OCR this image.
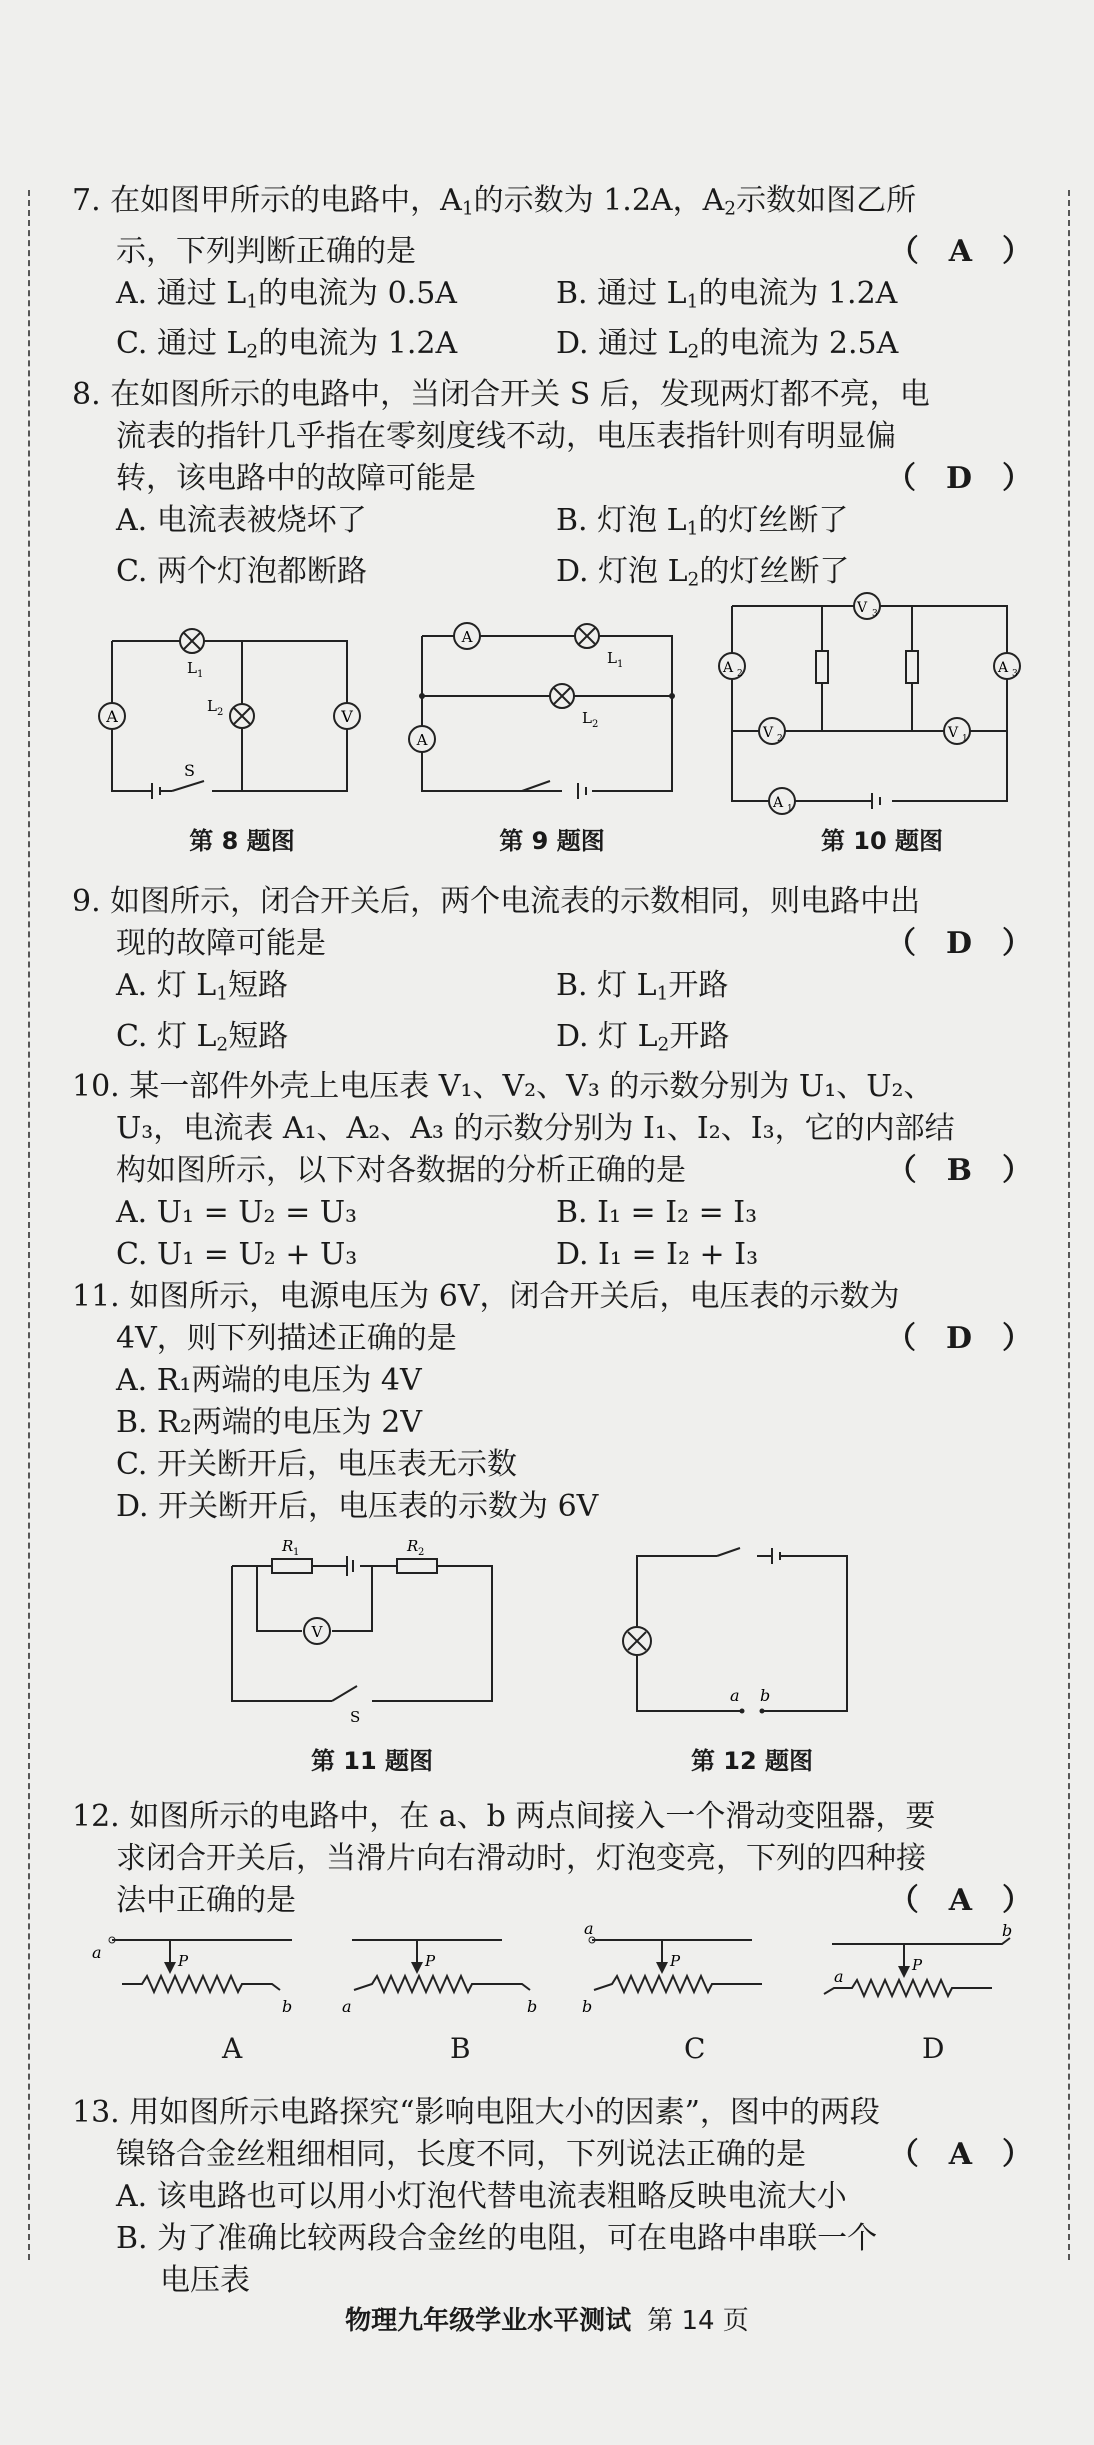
7. 在如图甲所示的电路中，$A_1$的示数为 1.2A，$A_2$示数如图乙所
示，下列判断正确的是	（　A　）
A. 通过 $L_1$的电流为 0.5A	B. 通过 $L_1$的电流为 1.2A
C. 通过 $L_2$的电流为 1.2A	D. 通过 $L_2$的电流为 2.5A
8. 在如图所示的电路中，当闭合开关 S 后，发现两灯都不亮，电
流表的指针几乎指在零刻度线不动，电压表指针则有明显偏
转，该电路中的故障可能是	（　D　）
A. 电流表被烧坏了	B. 灯泡 $L_1$的灯丝断了
C. 两个灯泡都断路	D. 灯泡 $L_2$的灯丝断了
A
L 1
L 2	V
S
第 8 题图
A
L 1
L 2
A
第 9 题图
V 3
A 2	A 3
V 2	V 1
A 1
第 10 题图
9. 如图所示，闭合开关后，两个电流表的示数相同，则电路中出
现的故障可能是	（　D　）
A. 灯 $L_1$短路	B. 灯 $L_1$开路
C. 灯 $L_2$短路	D. 灯 $L_2$开路
10. 某一部件外壳上电压表 V₁、V₂、V₃ 的示数分别为 U₁、U₂、
U₃，电流表 A₁、A₂、A₃ 的示数分别为 I₁、I₂、I₃，它的内部结
构如图所示，以下对各数据的分析正确的是	（　B　）
A. U₁ = U₂ = U₃	B. I₁ = I₂ = I₃
C. U₁ = U₂ + U₃	D. I₁ = I₂ + I₃
11. 如图所示，电源电压为 6V，闭合开关后，电压表的示数为
4V，则下列描述正确的是	（　D　）
A. R₁两端的电压为 4V
B. R₂两端的电压为 2V
C. 开关断开后，电压表无示数
D. 开关断开后，电压表的示数为 6V
R 1	R 2
V
S
第 11 题图
a b
第 12 题图
12. 如图所示的电路中，在 a、b 两点间接入一个滑动变阻器，要
求闭合开关后，当滑片向右滑动时，灯泡变亮，下列的四种接
法中正确的是	（　A　）
a
b
P
A
a	b
P
B
a
b
P
C
a
b
P
D
13. 用如图所示电路探究“影响电阻大小的因素”，图中的两段
镍铬合金丝粗细相同，长度不同，下列说法正确的是	（　A　）
A. 该电路也可以用小灯泡代替电流表粗略反映电流大小
B. 为了准确比较两段合金丝的电阻，可在电路中串联一个
电压表
物理九年级学业水平测试 第 14 页
